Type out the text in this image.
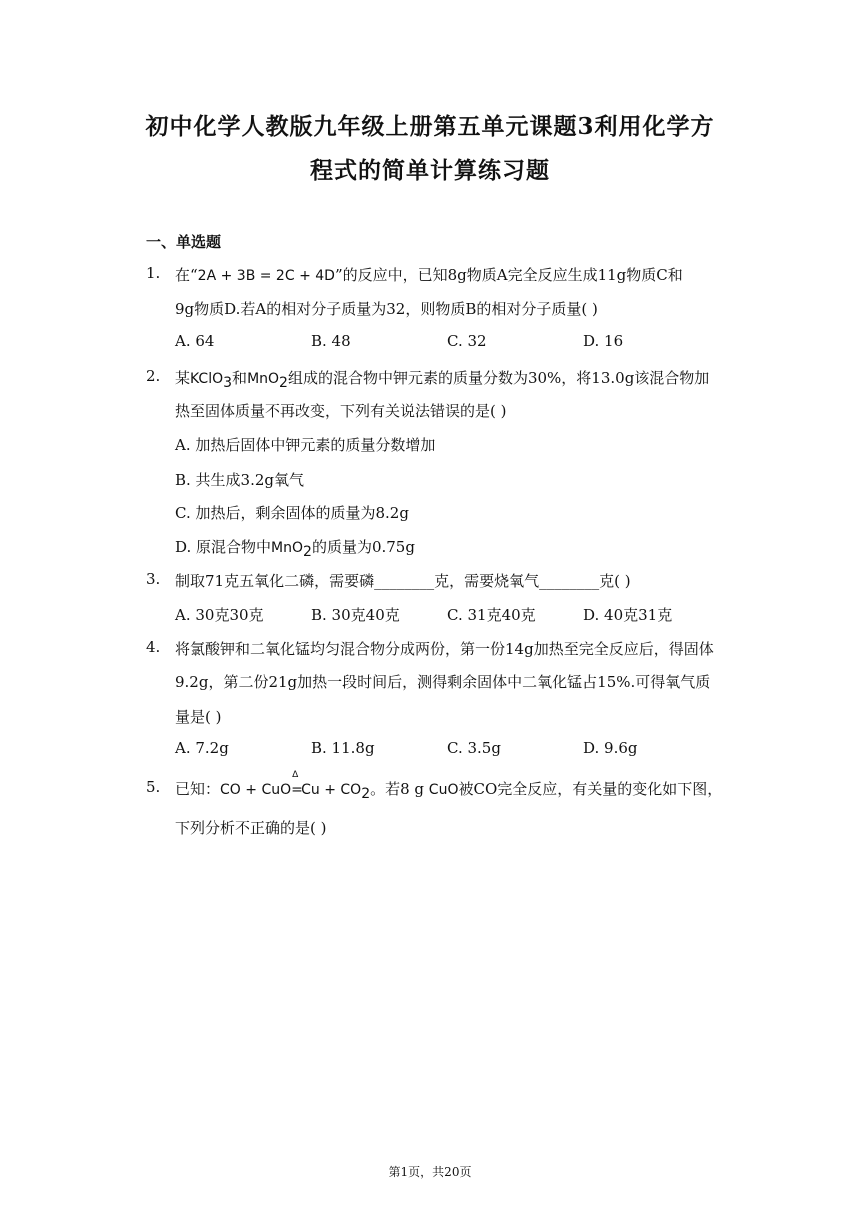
初中化学人教版九年级上册第五单元课题3利用化学方
程式的简单计算练习题
一、单选题
1. 在“2A + 3B = 2C + 4D”的反应中，已知8g物质A完全反应生成11g物质C和
9g物质D.若A的相对分子质量为32，则物质B的相对分子质量( )
A. 64	B. 48	C. 32	D. 16
2. 某KClO$_3$和MnO$_2$组成的混合物中钾元素的质量分数为30%，将13.0g该混合物加
热至固体质量不再改变，下列有关说法错误的是( )
A. 加热后固体中钾元素的质量分数增加
B. 共生成3.2g氧气
C. 加热后，剩余固体的质量为8.2g
D. 原混合物中MnO$_2$的质量为0.75g
3. 制取71克五氧化二磷，需要磷________克，需要烧氧气________克( )
A. 30克30克	B. 30克40克	C. 31克40克	D. 40克31克
4. 将氯酸钾和二氧化锰均匀混合物分成两份，第一份14g加热至完全反应后，得固体
9.2g，第二份21g加热一段时间后，测得剩余固体中二氧化锰占15%.可得氧气质
量是( )
A. 7.2g	B. 11.8g	C. 3.5g	D. 9.6g
5. 已知：CO + CuO
Δ
$=Cu + CO_2$。若8 g CuO被CO完全反应，有关量的变化如下图，
下列分析不正确的是( )
第1页，共20页
